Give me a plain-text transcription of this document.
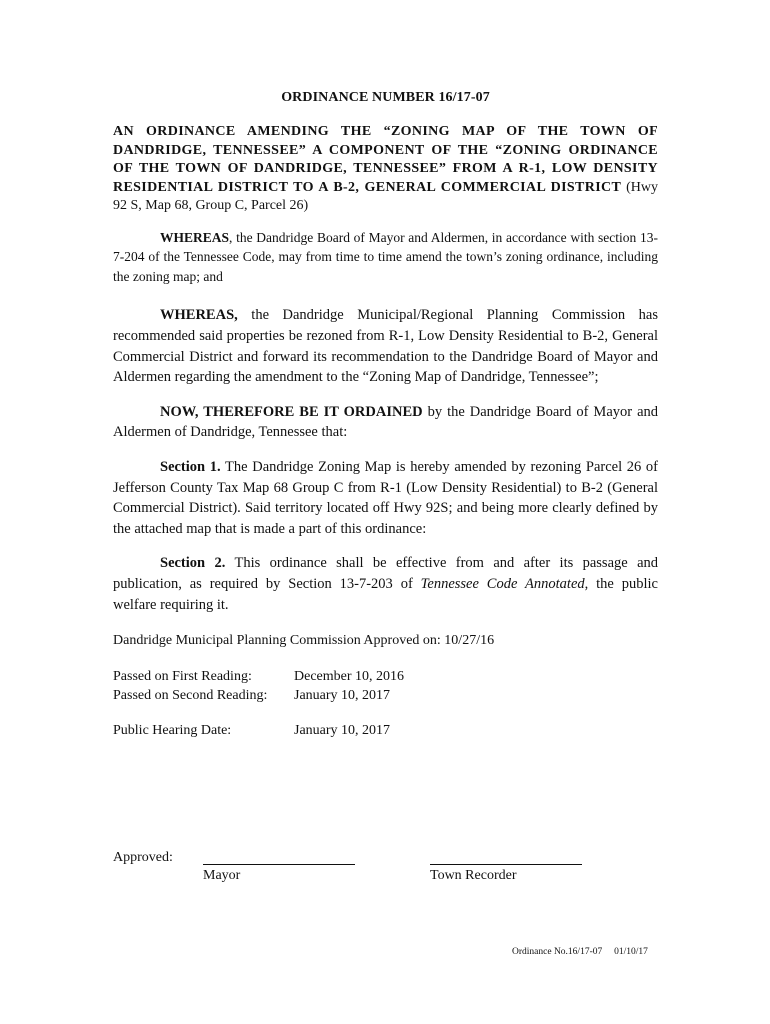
ORDINANCE NUMBER 16/17-07
AN ORDINANCE AMENDING THE “ZONING MAP OF THE TOWN OF DANDRIDGE, TENNESSEE” A COMPONENT OF THE “ZONING ORDINANCE OF THE TOWN OF DANDRIDGE, TENNESSEE” FROM A R-1, LOW DENSITY RESIDENTIAL DISTRICT TO A B-2, GENERAL COMMERCIAL DISTRICT (Hwy 92 S, Map 68, Group C, Parcel 26)
WHEREAS, the Dandridge Board of Mayor and Aldermen, in accordance with section 13-7-204 of the Tennessee Code, may from time to time amend the town’s zoning ordinance, including the zoning map; and
WHEREAS, the Dandridge Municipal/Regional Planning Commission has recommended said properties be rezoned from R-1, Low Density Residential to B-2, General Commercial District and forward its recommendation to the Dandridge Board of Mayor and Aldermen regarding the amendment to the “Zoning Map of Dandridge, Tennessee”;
NOW, THEREFORE BE IT ORDAINED by the Dandridge Board of Mayor and Aldermen of Dandridge, Tennessee that:
Section 1. The Dandridge Zoning Map is hereby amended by rezoning Parcel 26 of Jefferson County Tax Map 68 Group C from R-1 (Low Density Residential) to B-2 (General Commercial District). Said territory located off Hwy 92S; and being more clearly defined by the attached map that is made a part of this ordinance:
Section 2. This ordinance shall be effective from and after its passage and publication, as required by Section 13-7-203 of Tennessee Code Annotated, the public welfare requiring it.
Dandridge Municipal Planning Commission Approved on: 10/27/16
Passed on First Reading:	December 10, 2016
Passed on Second Reading:	January 10, 2017
Public Hearing Date:	January 10, 2017
Approved:
Mayor	Town Recorder
Ordinance No.16/17-07 01/10/17
